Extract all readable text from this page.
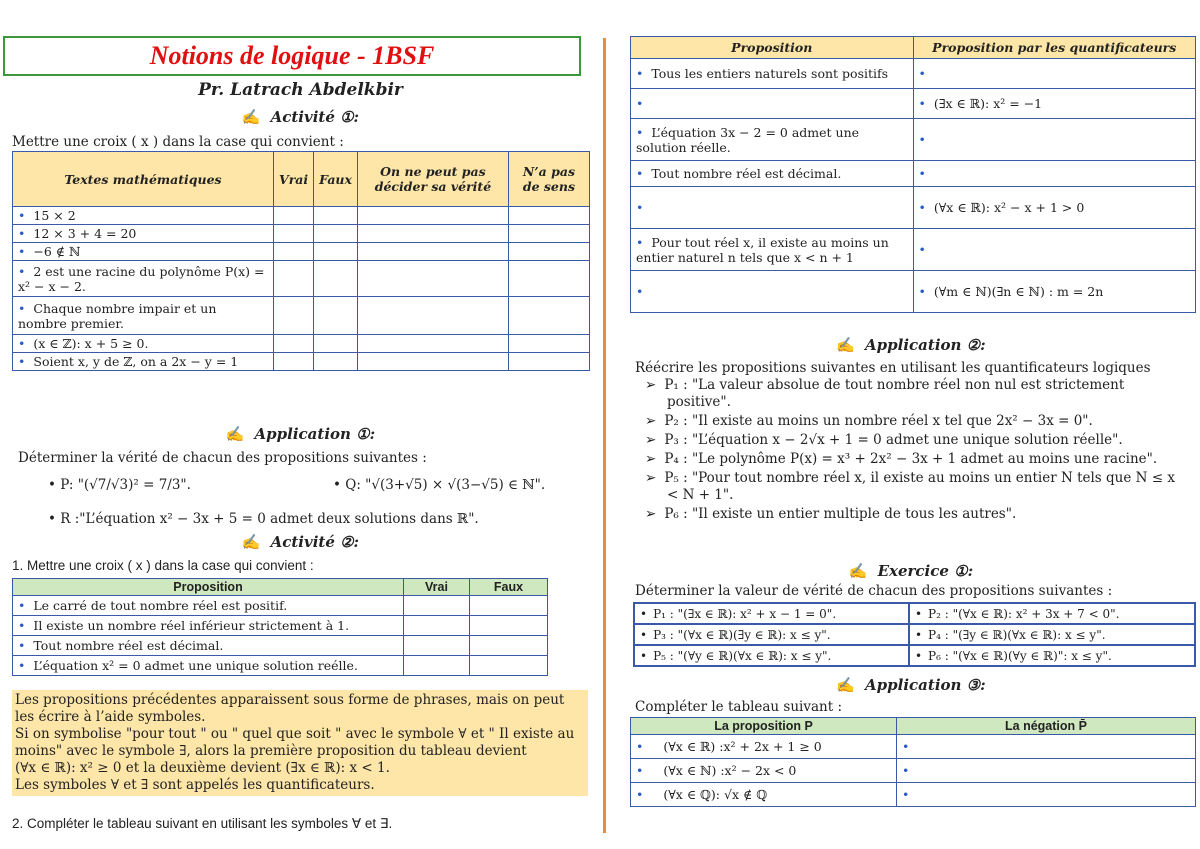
Notions de logique - 1BSF
Pr. Latrach Abdelkbir
✍ Activité ①:
Mettre une croix ( x ) dans la case qui convient :
Textes mathématiques	Vrai	Faux	On ne peut pas décider sa vérité	N’a pas de sens
• 15 × 2				
• 12 × 3 + 4 = 20				
• −6 ∉ ℕ				
• 2 est une racine du polynôme P(x) = x² − x − 2.				
• Chaque nombre impair et un nombre premier.				
• (x ∈ ℤ): x + 5 ≥ 0.				
• Soient x, y de ℤ, on a 2x − y = 1				
✍ Application ①:
Déterminer la vérité de chacun des propositions suivantes :
• P: "(√7/√3)² = 7/3".	• Q: "√(3+√5) × √(3−√5) ∈ ℕ".
• R :"L’équation x² − 3x + 5 = 0 admet deux solutions dans ℝ".
✍ Activité ②:
1. Mettre une croix ( x ) dans la case qui convient :
Proposition	Vrai	Faux
• Le carré de tout nombre réel est positif.		
• Il existe un nombre réel inférieur strictement à 1.		
• Tout nombre réel est décimal.		
• L’équation x² = 0 admet une unique solution reélle.		
Les propositions précédentes apparaissent sous forme de phrases, mais on peut les écrire à l’aide symboles.
Si on symbolise "pour tout " ou " quel que soit " avec le symbole ∀ et " Il existe au moins" avec le symbole ∃, alors la première proposition du tableau devient
(∀x ∈ ℝ): x² ≥ 0 et la deuxième devient (∃x ∈ ℝ): x < 1.
Les symboles ∀ et ∃ sont appelés les quantificateurs.
2. Compléter le tableau suivant en utilisant les symboles ∀ et ∃.
Proposition	Proposition par les quantificateurs
• Tous les entiers naturels sont positifs	•
•	• (∃x ∈ ℝ): x² = −1
• L’équation 3x − 2 = 0 admet une solution réelle.	•
• Tout nombre réel est décimal.	•
•	• (∀x ∈ ℝ): x² − x + 1 > 0
• Pour tout réel x, il existe au moins un entier naturel n tels que x < n + 1	•
•	• (∀m ∈ ℕ)(∃n ∈ ℕ) : m = 2n
✍ Application ②:
Réécrire les propositions suivantes en utilisant les quantificateurs logiques
➢ P₁ : "La valeur absolue de tout nombre réel non nul est strictement positive".
➢ P₂ : "Il existe au moins un nombre réel x tel que 2x² − 3x = 0".
➢ P₃ : "L’équation x − 2√x + 1 = 0 admet une unique solution réelle".
➢ P₄ : "Le polynôme P(x) = x³ + 2x² − 3x + 1 admet au moins une racine".
➢ P₅ : "Pour tout nombre réel x, il existe au moins un entier N tels que N ≤ x < N + 1".
➢ P₆ : "Il existe un entier multiple de tous les autres".
✍ Exercice ①:
Déterminer la valeur de vérité de chacun des propositions suivantes :
• P₁ : "(∃x ∈ ℝ): x² + x − 1 = 0".	• P₂ : "(∀x ∈ ℝ): x² + 3x + 7 < 0".
• P₃ : "(∀x ∈ ℝ)(∃y ∈ ℝ): x ≤ y".	• P₄ : "(∃y ∈ ℝ)(∀x ∈ ℝ): x ≤ y".
• P₅ : "(∀y ∈ ℝ)(∀x ∈ ℝ): x ≤ y".	• P₆ : "(∀x ∈ ℝ)(∀y ∈ ℝ)": x ≤ y".
✍ Application ③:
Compléter le tableau suivant :
La proposition P	La négation P̄
• (∀x ∈ ℝ) :x² + 2x + 1 ≥ 0	•
• (∀x ∈ ℕ) :x² − 2x < 0	•
• (∀x ∈ ℚ): √x ∉ ℚ	•
